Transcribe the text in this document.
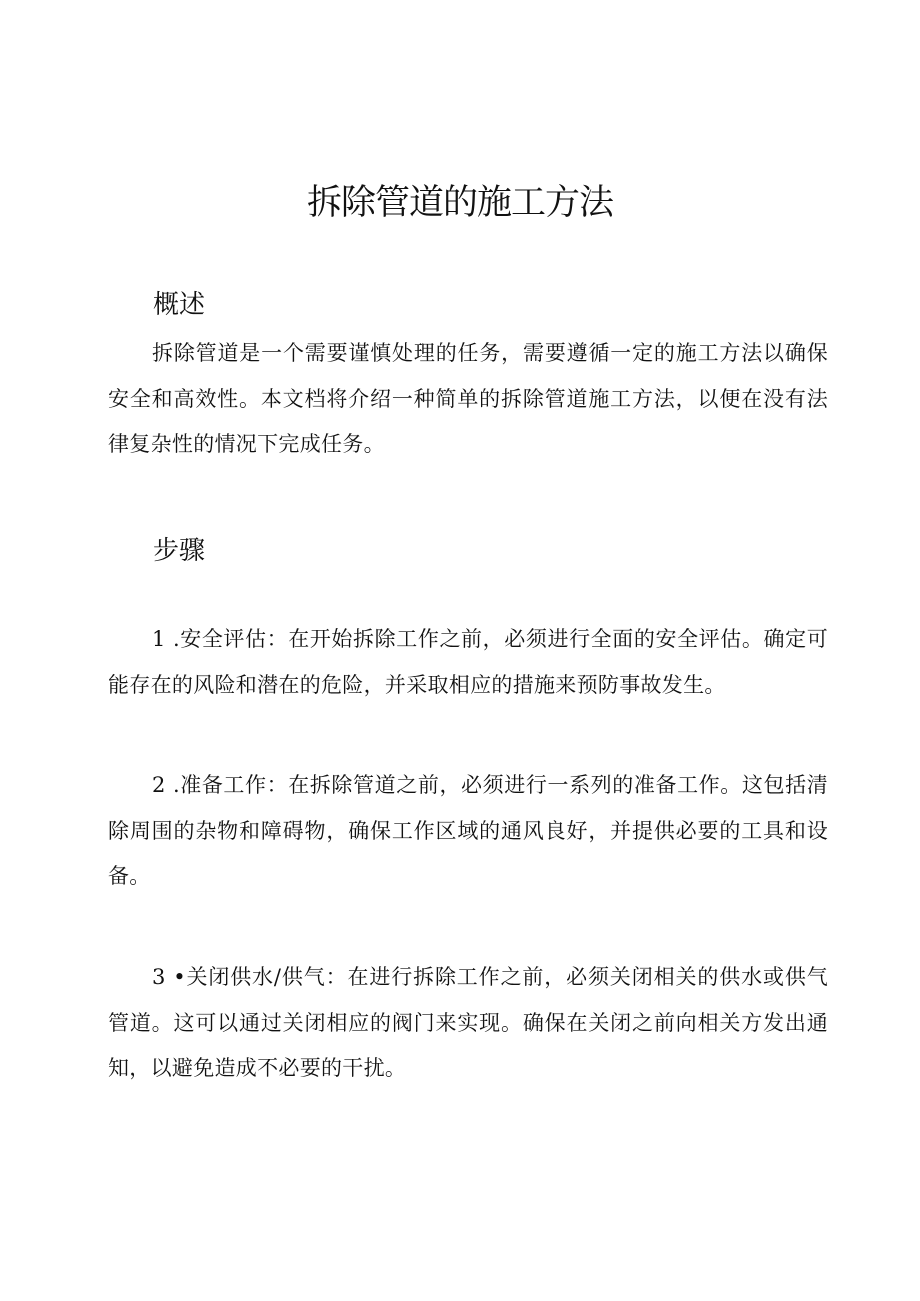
拆除管道的施工方法
概述

拆除管道是一个需要谨慎处理的任务，需要遵循一定的施工方法以确保安全和高效性。本文档将介绍一种简单的拆除管道施工方法，以便在没有法律复杂性的情况下完成任务。

步骤

1 .安全评估：在开始拆除工作之前，必须进行全面的安全评估。确定可能存在的风险和潜在的危险，并采取相应的措施来预防事故发生。

2 .准备工作：在拆除管道之前，必须进行一系列的准备工作。这包括清除周围的杂物和障碍物，确保工作区域的通风良好，并提供必要的工具和设备。

3 •关闭供水/供气：在进行拆除工作之前，必须关闭相关的供水或供气管道。这可以通过关闭相应的阀门来实现。确保在关闭之前向相关方发出通知，以避免造成不必要的干扰。
